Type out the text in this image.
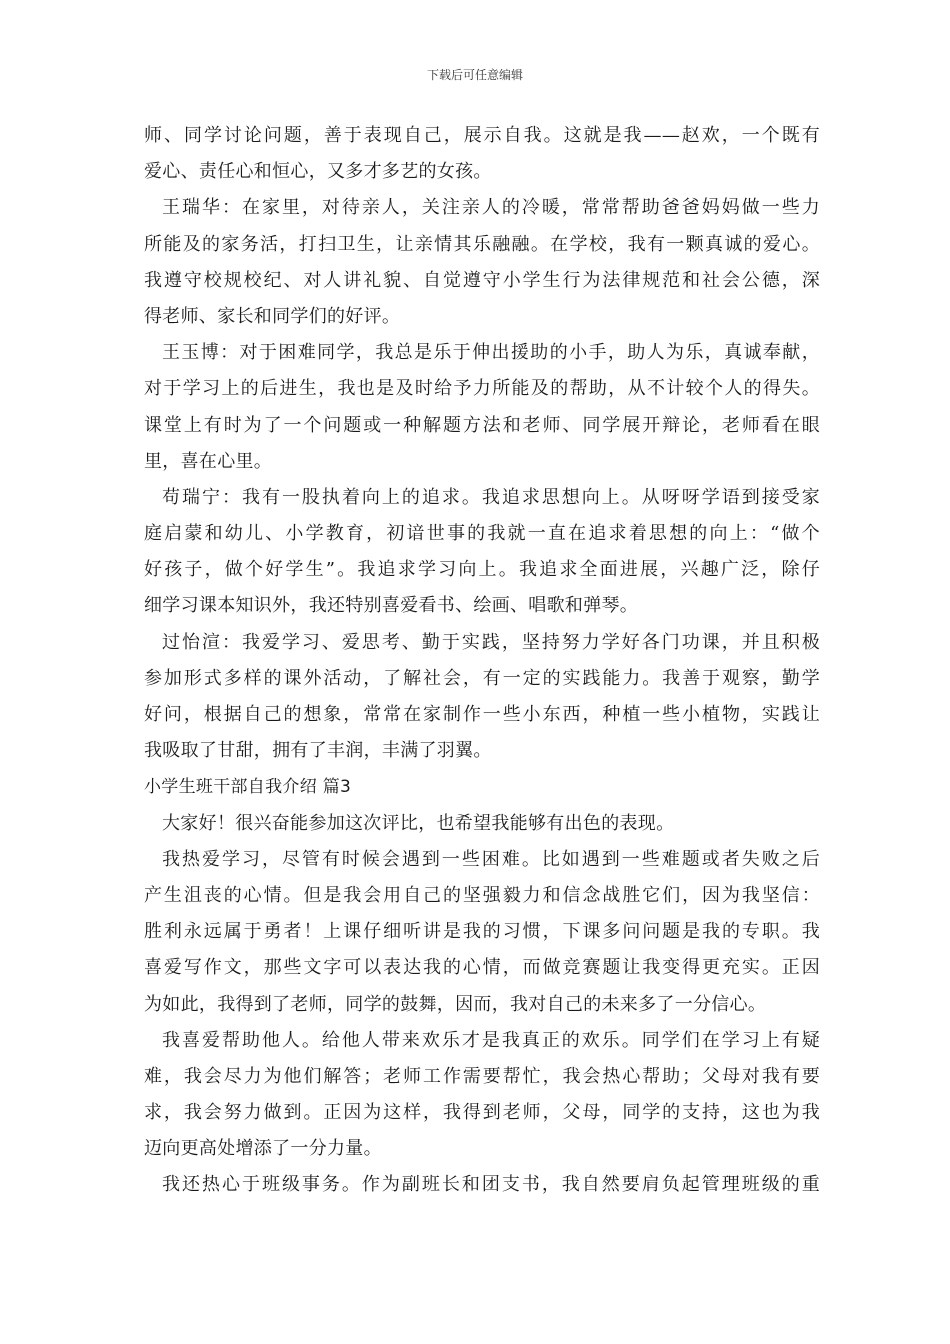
下载后可任意编辑
师、同学讨论问题，善于表现自己，展示自我。这就是我——赵欢，一个既有
爱心、责任心和恒心，又多才多艺的女孩。
王瑞华：在家里，对待亲人，关注亲人的冷暖，常常帮助爸爸妈妈做一些力
所能及的家务活，打扫卫生，让亲情其乐融融。在学校，我有一颗真诚的爱心。
我遵守校规校纪、对人讲礼貌、自觉遵守小学生行为法律规范和社会公德，深
得老师、家长和同学们的好评。
王玉博：对于困难同学，我总是乐于伸出援助的小手，助人为乐，真诚奉献，
对于学习上的后进生，我也是及时给予力所能及的帮助，从不计较个人的得失。
课堂上有时为了一个问题或一种解题方法和老师、同学展开辩论，老师看在眼
里，喜在心里。
苟瑞宁：我有一股执着向上的追求。我追求思想向上。从呀呀学语到接受家
庭启蒙和幼儿、小学教育，初谙世事的我就一直在追求着思想的向上：“做个
好孩子，做个好学生”。我追求学习向上。我追求全面进展，兴趣广泛，除仔
细学习课本知识外，我还特别喜爱看书、绘画、唱歌和弹琴。
过怡渲：我爱学习、爱思考、勤于实践，坚持努力学好各门功课，并且积极
参加形式多样的课外活动，了解社会，有一定的实践能力。我善于观察，勤学
好问，根据自己的想象，常常在家制作一些小东西，种植一些小植物，实践让
我吸取了甘甜，拥有了丰润，丰满了羽翼。
小学生班干部自我介绍 篇3
大家好！很兴奋能参加这次评比，也希望我能够有出色的表现。
我热爱学习，尽管有时候会遇到一些困难。比如遇到一些难题或者失败之后
产生沮丧的心情。但是我会用自己的坚强毅力和信念战胜它们，因为我坚信：
胜利永远属于勇者！上课仔细听讲是我的习惯，下课多问问题是我的专职。我
喜爱写作文，那些文字可以表达我的心情，而做竞赛题让我变得更充实。正因
为如此，我得到了老师，同学的鼓舞，因而，我对自己的未来多了一分信心。
我喜爱帮助他人。给他人带来欢乐才是我真正的欢乐。同学们在学习上有疑
难，我会尽力为他们解答；老师工作需要帮忙，我会热心帮助；父母对我有要
求，我会努力做到。正因为这样，我得到老师，父母，同学的支持，这也为我
迈向更高处增添了一分力量。
我还热心于班级事务。作为副班长和团支书，我自然要肩负起管理班级的重
